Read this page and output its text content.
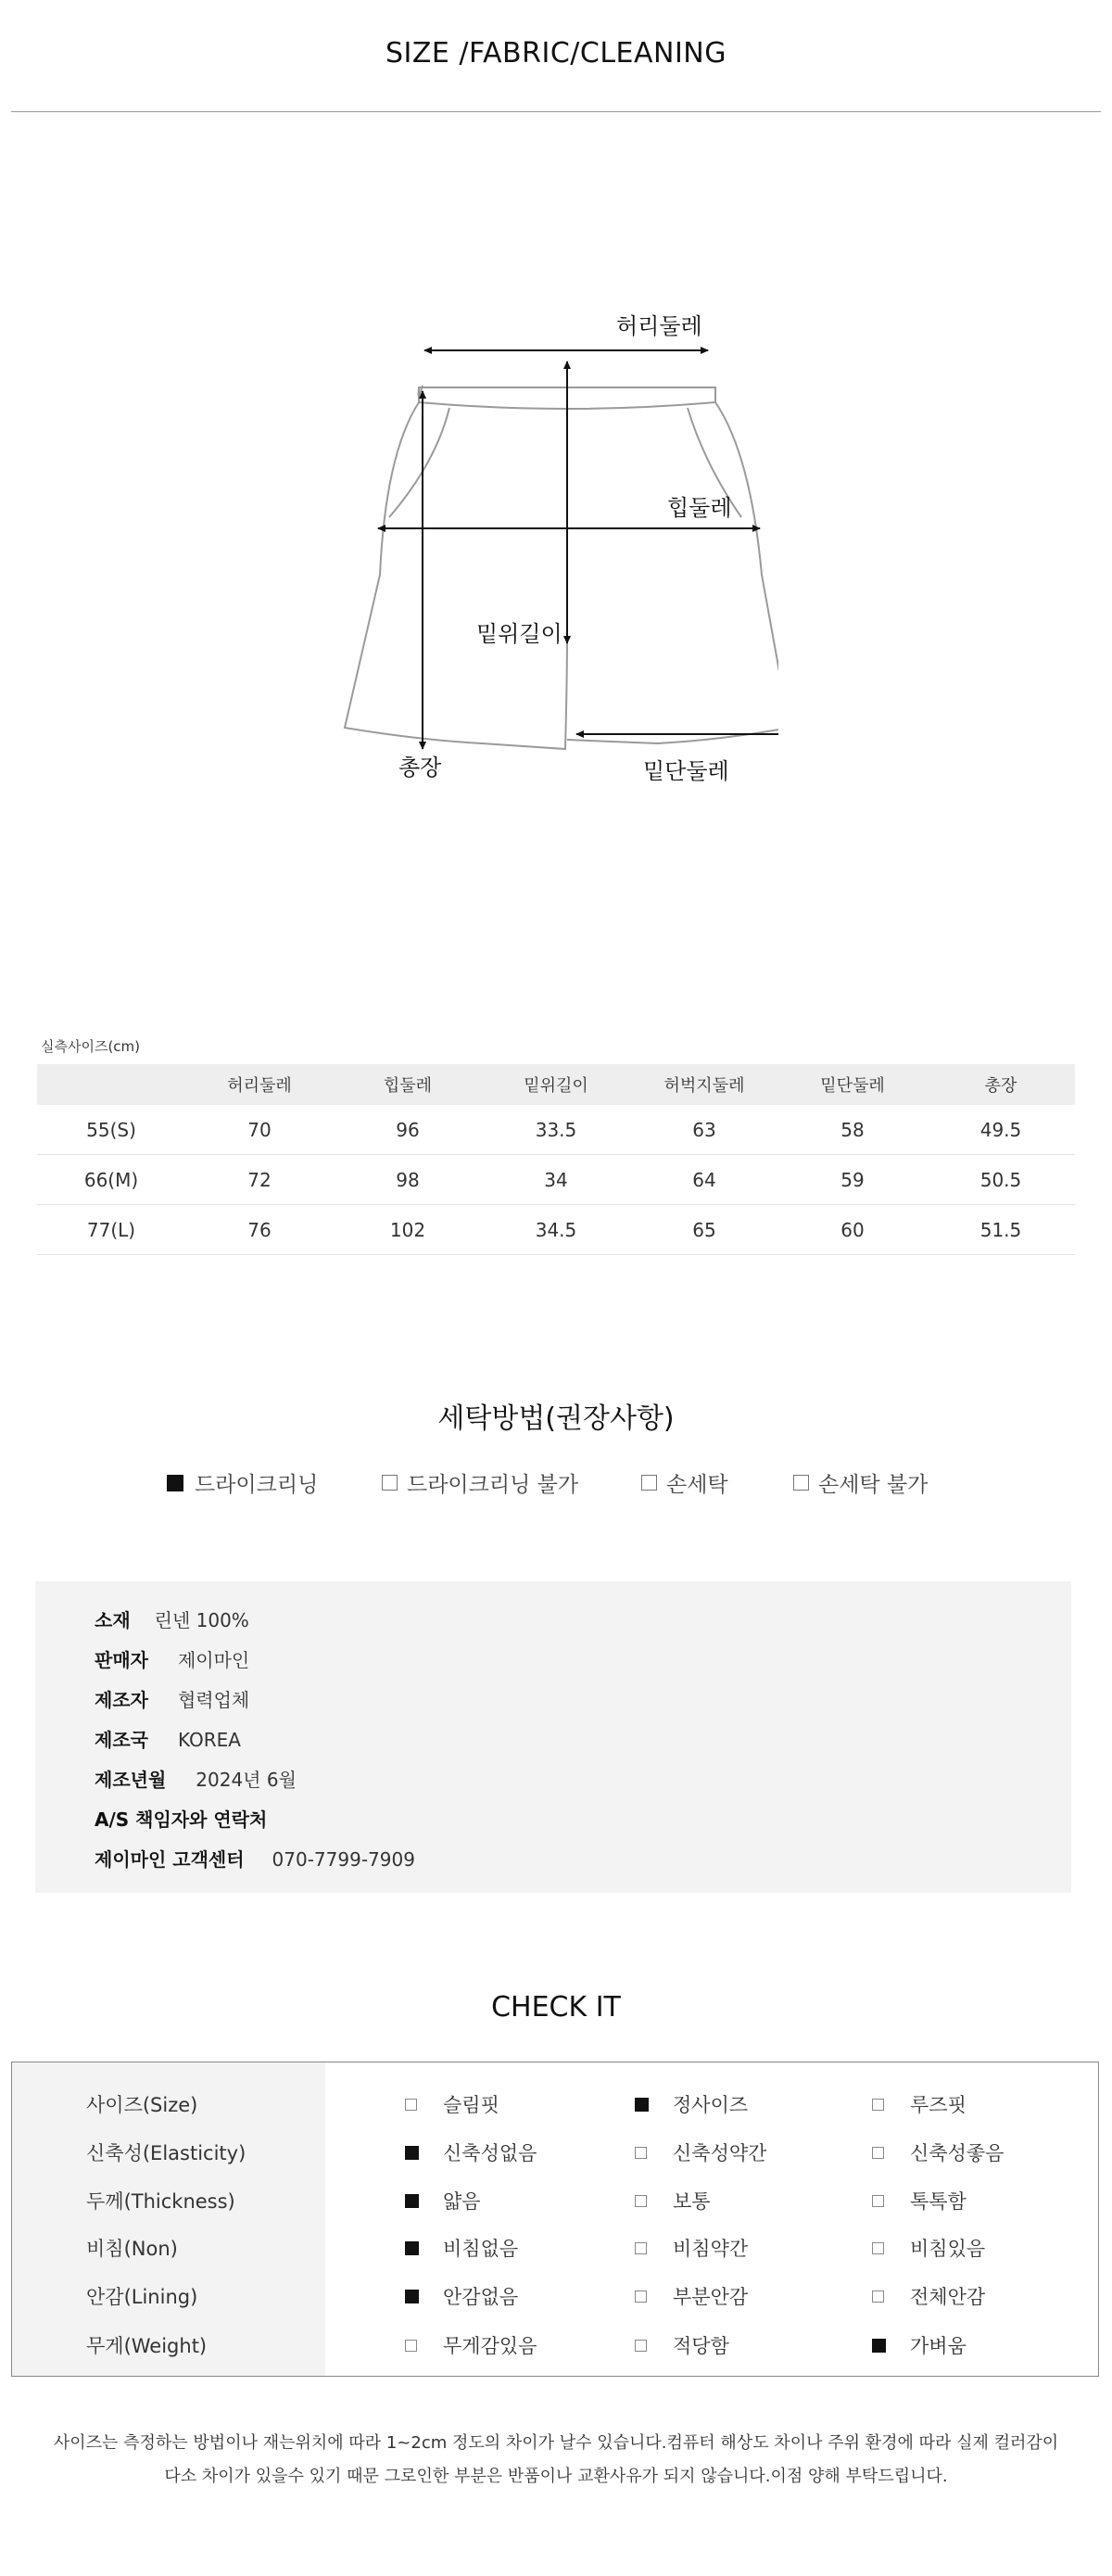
SIZE /FABRIC/CLEANING
허리둘레
힙둘레
밑위길이
총장	밑단둘레
실측사이즈(cm)
	허리둘레	힙둘레	밑위길이	허벅지둘레	밑단둘레	총장
55(S)	70	96	33.5	63	58	49.5
66(M)	72	98	34	64	59	50.5
77(L)	76	102	34.5	65	60	51.5
세탁방법(권장사항)
드라이크리닝	드라이크리닝 불가	손세탁	손세탁 불가
소재 린넨 100%
판매자 제이마인
제조자 협력업체
제조국 KOREA
제조년월 2024년 6월
A/S 책임자와 연락처
제이마인 고객센터 070-7799-7909
CHECK IT
사이즈(Size)	슬림핏	정사이즈	루즈핏
신축성(Elasticity)	신축성없음	신축성약간	신축성좋음
두께(Thickness)	얇음	보통	톡톡함
비침(Non)	비침없음	비침약간	비침있음
안감(Lining)	안감없음	부분안감	전체안감
무게(Weight)	무게감있음	적당함	가벼움
사이즈는 측정하는 방법이나 재는위치에 따라 1~2cm 정도의 차이가 날수 있습니다.컴퓨터 해상도 차이나 주위 환경에 따라 실제 컬러감이
다소 차이가 있을수 있기 때문 그로인한 부분은 반품이나 교환사유가 되지 않습니다.이점 양해 부탁드립니다.
